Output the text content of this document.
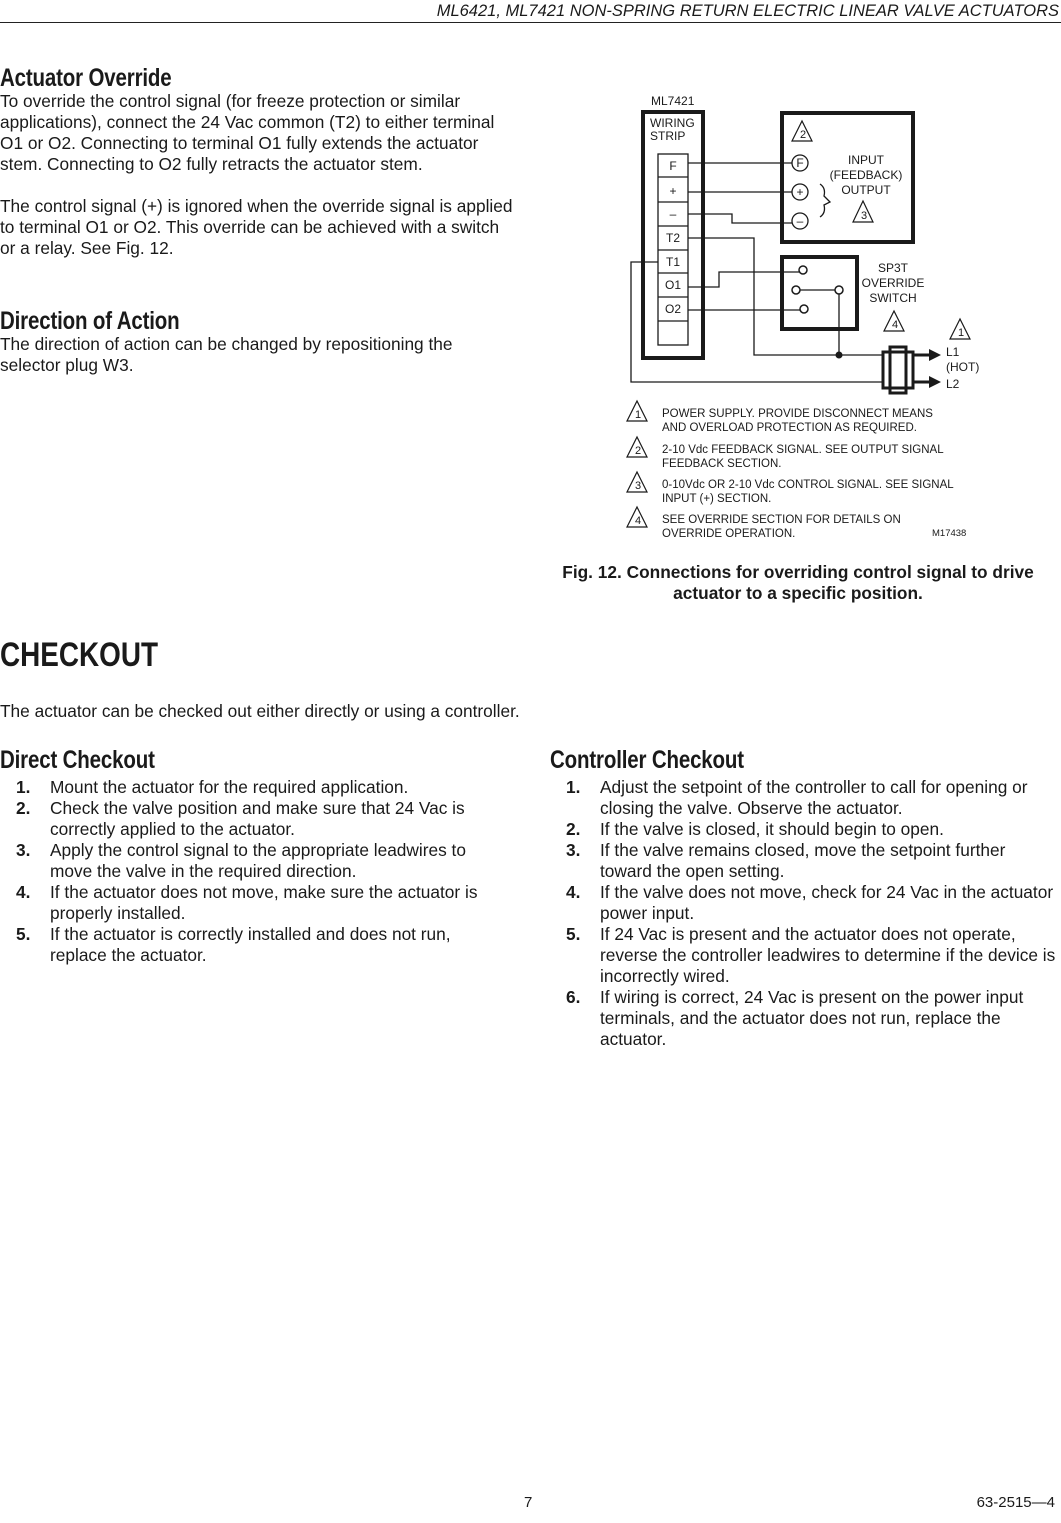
ML6421, ML7421 NON-SPRING RETURN ELECTRIC LINEAR VALVE ACTUATORS
Actuator Override
To override the control signal (for freeze protection or similar applications), connect the 24 Vac common (T2) to either terminal O1 or O2. Connecting to terminal O1 fully extends the actuator stem. Connecting to O2 fully retracts the actuator stem.
The control signal (+) is ignored when the override signal is applied to terminal O1 or O2. This override can be achieved with a switch or a relay. See Fig. 12.
Direction of Action
The direction of action can be changed by repositioning the selector plug W3.
ML7421
WIRING
STRIP
F
+
–
T2
T1
O1
O2
F
+
–
INPUT
(FEEDBACK)
OUTPUT
SP3T
OVERRIDE
SWITCH
1
2
3
4
1
2
3
4
L1
(HOT)
L2
POWER SUPPLY. PROVIDE DISCONNECT MEANS
AND OVERLOAD PROTECTION AS REQUIRED.
2-10 Vdc FEEDBACK SIGNAL. SEE OUTPUT SIGNAL
FEEDBACK SECTION.
0-10Vdc OR 2-10 Vdc CONTROL SIGNAL. SEE SIGNAL
INPUT (+) SECTION.
SEE OVERRIDE SECTION FOR DETAILS ON
OVERRIDE OPERATION.	M17438
Fig. 12. Connections for overriding control signal to drive actuator to a specific position.
CHECKOUT
The actuator can be checked out either directly or using a controller.
Direct Checkout
1. Mount the actuator for the required application.
2. Check the valve position and make sure that 24 Vac is correctly applied to the actuator.
3. Apply the control signal to the appropriate leadwires to move the valve in the required direction.
4. If the actuator does not move, make sure the actuator is properly installed.
5. If the actuator is correctly installed and does not run, replace the actuator.
Controller Checkout
1. Adjust the setpoint of the controller to call for opening or closing the valve. Observe the actuator.
2. If the valve is closed, it should begin to open.
3. If the valve remains closed, move the setpoint further toward the open setting.
4. If the valve does not move, check for 24 Vac in the actuator power input.
5. If 24 Vac is present and the actuator does not operate, reverse the controller leadwires to determine if the device is incorrectly wired.
6. If wiring is correct, 24 Vac is present on the power input terminals, and the actuator does not run, replace the actuator.
7	63-2515—4
